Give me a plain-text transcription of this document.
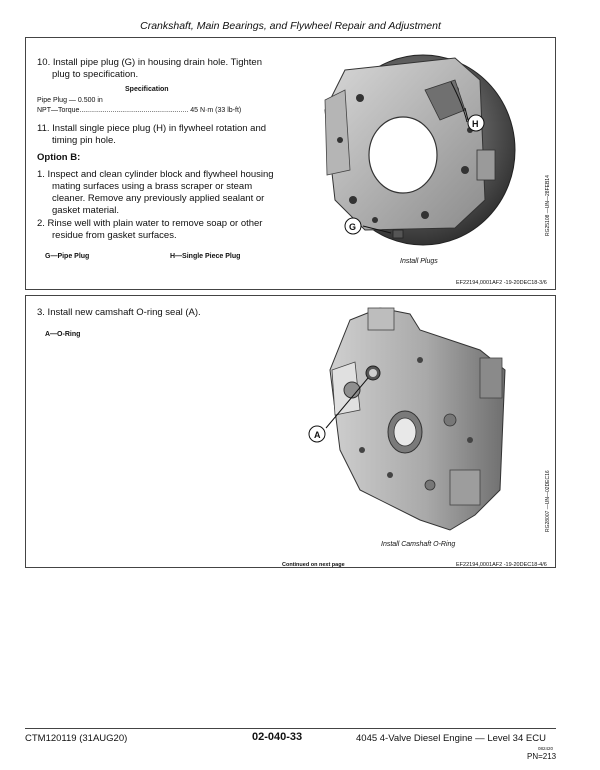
Crankshaft, Main Bearings, and Flywheel Repair and Adjustment
10. Install pipe plug (G) in housing drain hole. Tighten
plug to specification.
Specification
Pipe Plug — 0.500 in
NPT—Torque........................................................ 45 N·m (33 lb-ft)
11. Install single piece plug (H) in flywheel rotation and
timing pin hole.
Option B:
1. Inspect and clean cylinder block and flywheel housing
mating surfaces using a brass scraper or steam
cleaner. Remove any previously applied sealant or
gasket material.
2. Rinse well with plain water to remove soap or other
residue from gasket surfaces.
G—Pipe Plug	H—Single Piece Plug
H
G	RG25108 —UN—28FEB14
Install Plugs
EF22194,0001AF2 -19-20DEC18-3/6
3. Install new camshaft O-ring seal (A).
A—O-Ring
A
RG28007 —UN—02DEC16
Install Camshaft O-Ring
Continued on next page	EF22194,0001AF2 -19-20DEC18-4/6
CTM120119 (31AUG20)	02-040-33	4045 4-Valve Diesel Engine — Level 34 ECU
082420
PN=213
